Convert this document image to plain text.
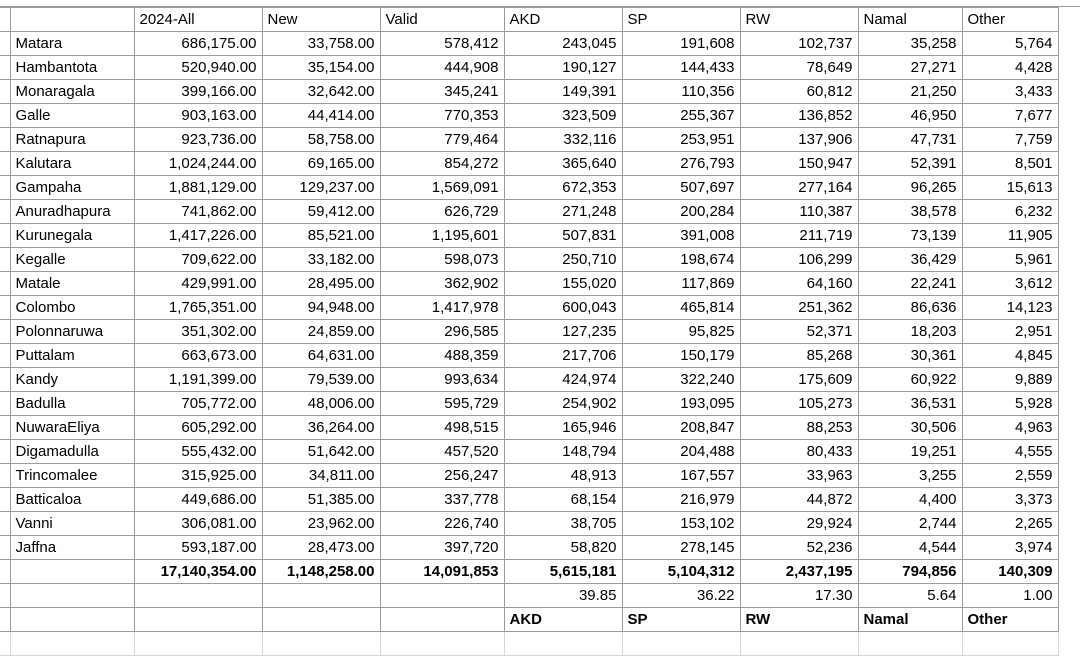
		2024-All	New	Valid	AKD	SP	RW	Namal	Other
	Matara	686,175.00	33,758.00	578,412	243,045	191,608	102,737	35,258	5,764
	Hambantota	520,940.00	35,154.00	444,908	190,127	144,433	78,649	27,271	4,428
	Monaragala	399,166.00	32,642.00	345,241	149,391	110,356	60,812	21,250	3,433
	Galle	903,163.00	44,414.00	770,353	323,509	255,367	136,852	46,950	7,677
	Ratnapura	923,736.00	58,758.00	779,464	332,116	253,951	137,906	47,731	7,759
	Kalutara	1,024,244.00	69,165.00	854,272	365,640	276,793	150,947	52,391	8,501
	Gampaha	1,881,129.00	129,237.00	1,569,091	672,353	507,697	277,164	96,265	15,613
	Anuradhapura	741,862.00	59,412.00	626,729	271,248	200,284	110,387	38,578	6,232
	Kurunegala	1,417,226.00	85,521.00	1,195,601	507,831	391,008	211,719	73,139	11,905
	Kegalle	709,622.00	33,182.00	598,073	250,710	198,674	106,299	36,429	5,961
	Matale	429,991.00	28,495.00	362,902	155,020	117,869	64,160	22,241	3,612
	Colombo	1,765,351.00	94,948.00	1,417,978	600,043	465,814	251,362	86,636	14,123
	Polonnaruwa	351,302.00	24,859.00	296,585	127,235	95,825	52,371	18,203	2,951
	Puttalam	663,673.00	64,631.00	488,359	217,706	150,179	85,268	30,361	4,845
	Kandy	1,191,399.00	79,539.00	993,634	424,974	322,240	175,609	60,922	9,889
	Badulla	705,772.00	48,006.00	595,729	254,902	193,095	105,273	36,531	5,928
	NuwaraEliya	605,292.00	36,264.00	498,515	165,946	208,847	88,253	30,506	4,963
	Digamadulla	555,432.00	51,642.00	457,520	148,794	204,488	80,433	19,251	4,555
	Trincomalee	315,925.00	34,811.00	256,247	48,913	167,557	33,963	3,255	2,559
	Batticaloa	449,686.00	51,385.00	337,778	68,154	216,979	44,872	4,400	3,373
	Vanni	306,081.00	23,962.00	226,740	38,705	153,102	29,924	2,744	2,265
	Jaffna	593,187.00	28,473.00	397,720	58,820	278,145	52,236	4,544	3,974
		17,140,354.00	1,148,258.00	14,091,853	5,615,181	5,104,312	2,437,195	794,856	140,309
					39.85	36.22	17.30	5.64	1.00
					AKD	SP	RW	Namal	Other
